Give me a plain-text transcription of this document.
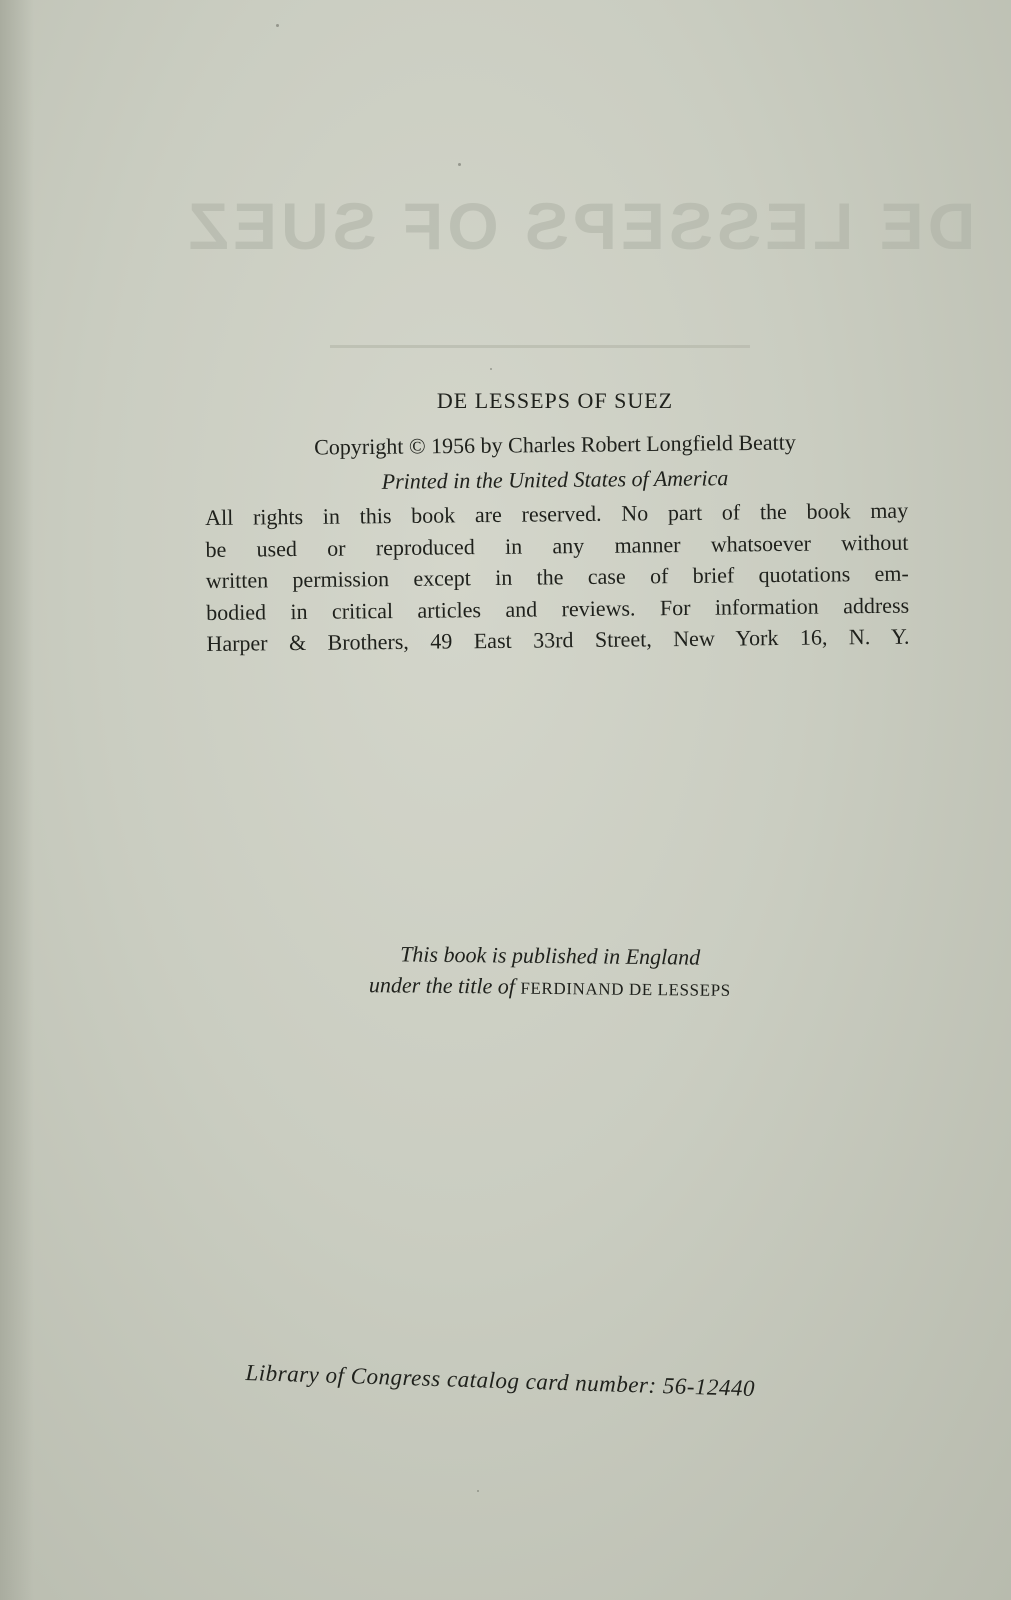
DE LESSEPS OF SUEZ
DE LESSEPS OF SUEZ
Copyright © 1956 by Charles Robert Longfield Beatty
Printed in the United States of America
All rights in this book are reserved. No part of the book may
be used or reproduced in any manner whatsoever without
written permission except in the case of brief quotations em-
bodied in critical articles and reviews. For information address
Harper & Brothers, 49 East 33rd Street, New York 16, N. Y.
This book is published in England
under the title of FERDINAND DE LESSEPS
Library of Congress catalog card number: 56-12440
